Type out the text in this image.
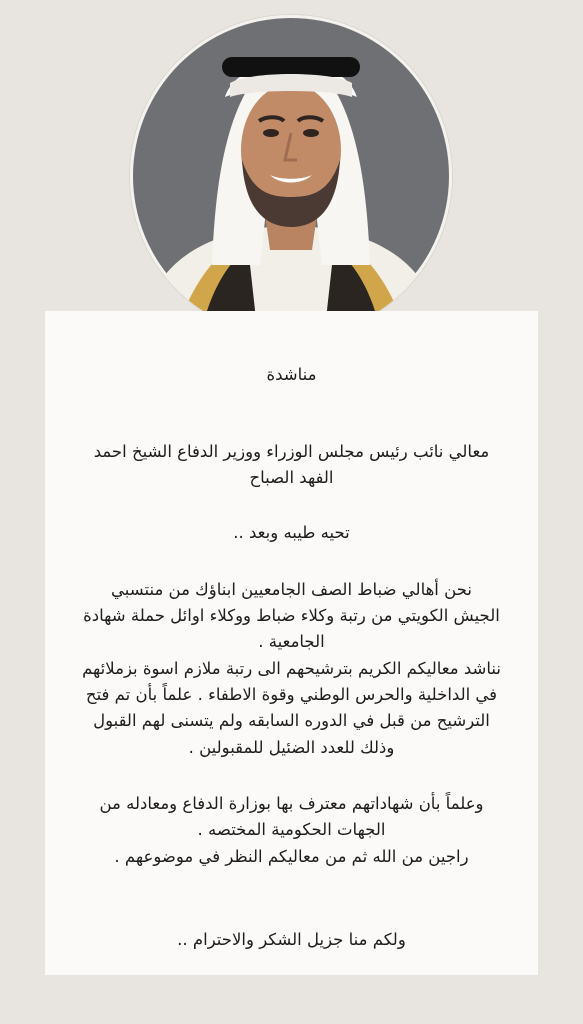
مناشدة
معالي نائب رئيس مجلس الوزراء ووزير الدفاع الشيخ احمد
الفهد الصباح
تحيه طيبه وبعد ..
نحن أهالي ضباط الصف الجامعيين ابناؤك من منتسبي
الجيش الكويتي من رتبة وكلاء ضباط ووكلاء اوائل حملة شهادة
الجامعية .
نناشد معاليكم الكريم بترشيحهم الى رتبة ملازم اسوة بزملائهم
في الداخلية والحرس الوطني وقوة الاطفاء . علماً بأن تم فتح
الترشيح من قبل في الدوره السابقه ولم يتسنى لهم القبول
وذلك للعدد الضئيل للمقبولين .
وعلماً بأن شهاداتهم معترف بها بوزارة الدفاع ومعادله من
الجهات الحكومية المختصه .
راجين من الله ثم من معاليكم النظر في موضوعهم .
ولكم منا جزيل الشكر والاحترام ..
